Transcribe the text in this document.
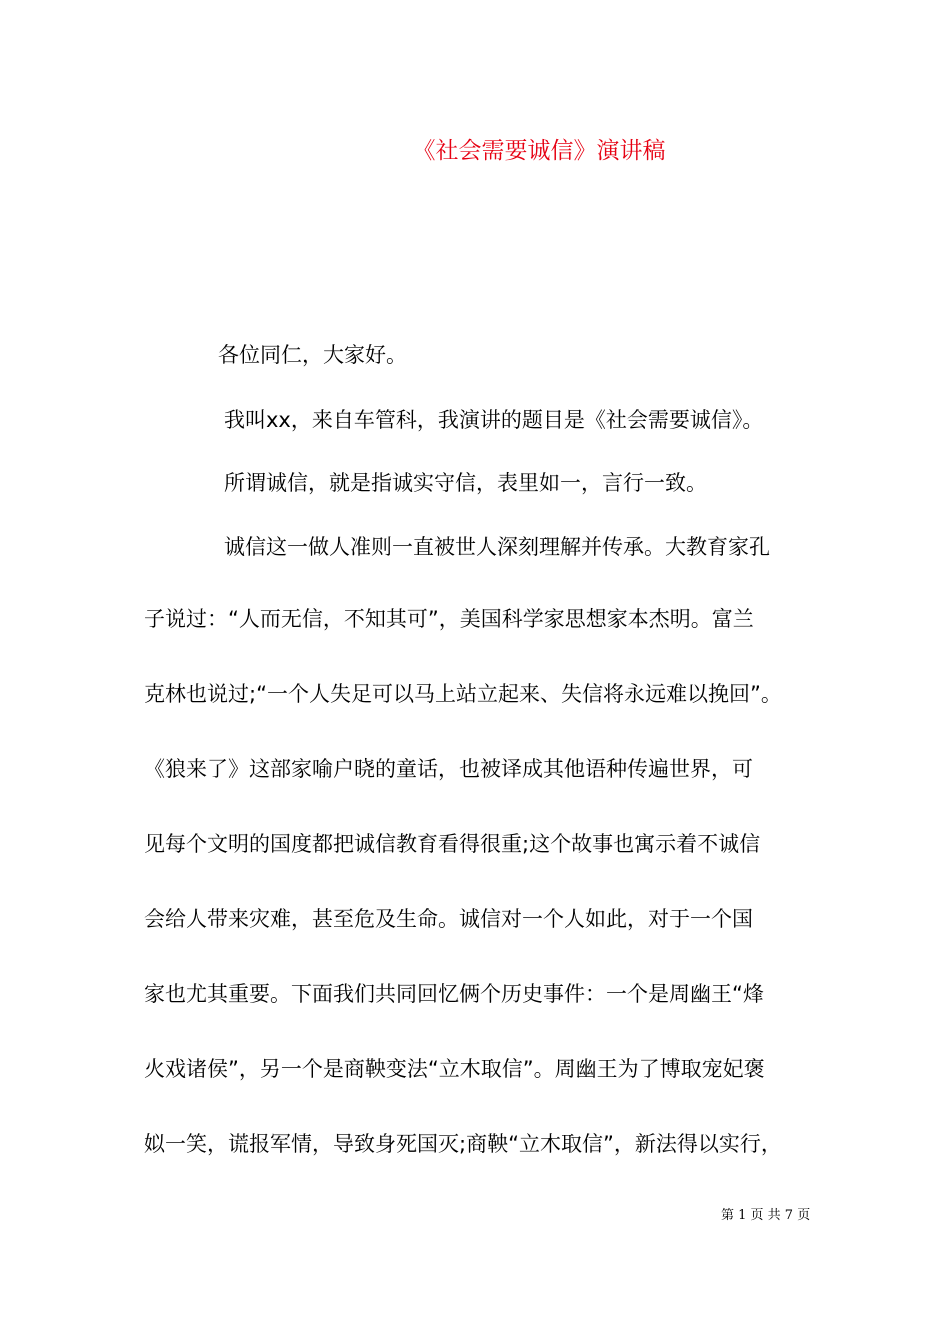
《社会需要诚信》演讲稿
各位同仁，大家好。
我叫xx，来自车管科，我演讲的题目是《社会需要诚信》。
所谓诚信，就是指诚实守信，表里如一，言行一致。
诚信这一做人准则一直被世人深刻理解并传承。大教育家孔
子说过：“人而无信，不知其可”，美国科学家思想家本杰明。富兰
克林也说过;“一个人失足可以马上站立起来、失信将永远难以挽回”。
《狼来了》这部家喻户晓的童话，也被译成其他语种传遍世界，可
见每个文明的国度都把诚信教育看得很重;这个故事也寓示着不诚信
会给人带来灾难，甚至危及生命。诚信对一个人如此，对于一个国
家也尤其重要。下面我们共同回忆俩个历史事件：一个是周幽王“烽
火戏诸侯”，另一个是商鞅变法“立木取信”。周幽王为了博取宠妃褒
姒一笑，谎报军情，导致身死国灭;商鞅“立木取信”，新法得以实行，
第 1 页 共 7 页
